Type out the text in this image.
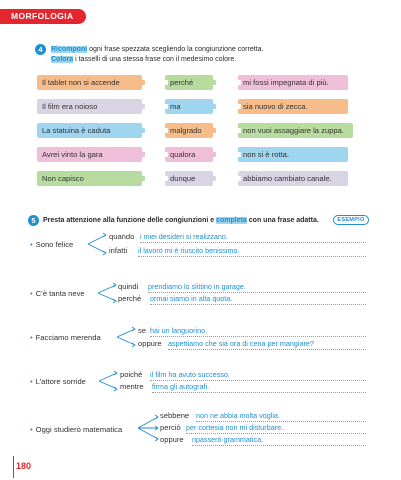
MORFOLOGIA
4	Ricomponi ogni frase spezzata scegliendo la congiunzione corretta.
Colora i tasselli di una stessa frase con il medesimo colore.
Il tablet non si accende	perché	mi fossi impegnata di più.
Il film era noioso	ma	sia nuovo di zecca.
La statuina è caduta	malgrado	non vuoi assaggiare la zuppa.
Avrei vinto la gara	qualora	non si è rotta.
Non capisco	dunque	abbiamo cambiato canale.
5	Presta attenzione alla funzione delle congiunzioni e completa con una frase adatta.	ESEMPIO
• Sono felice
quando i miei desideri si realizzano.
infatti il lavoro mi è riuscito benissimo.
• C’è tanta neve
quindi prendiamo lo slittino in garage.
perché ormai siamo in alta quota.
• Facciamo merenda
se hai un languorino.
oppure aspettiamo che sia ora di cena per mangiare?
• L’attore sorride
poiché il film ha avuto successo.
mentre firma gli autografi.
• Oggi studierò matematica
sebbene non ne abbia molta voglia.
perciò per cortesia non mi disturbare.
oppure ripasserò grammatica.
180
